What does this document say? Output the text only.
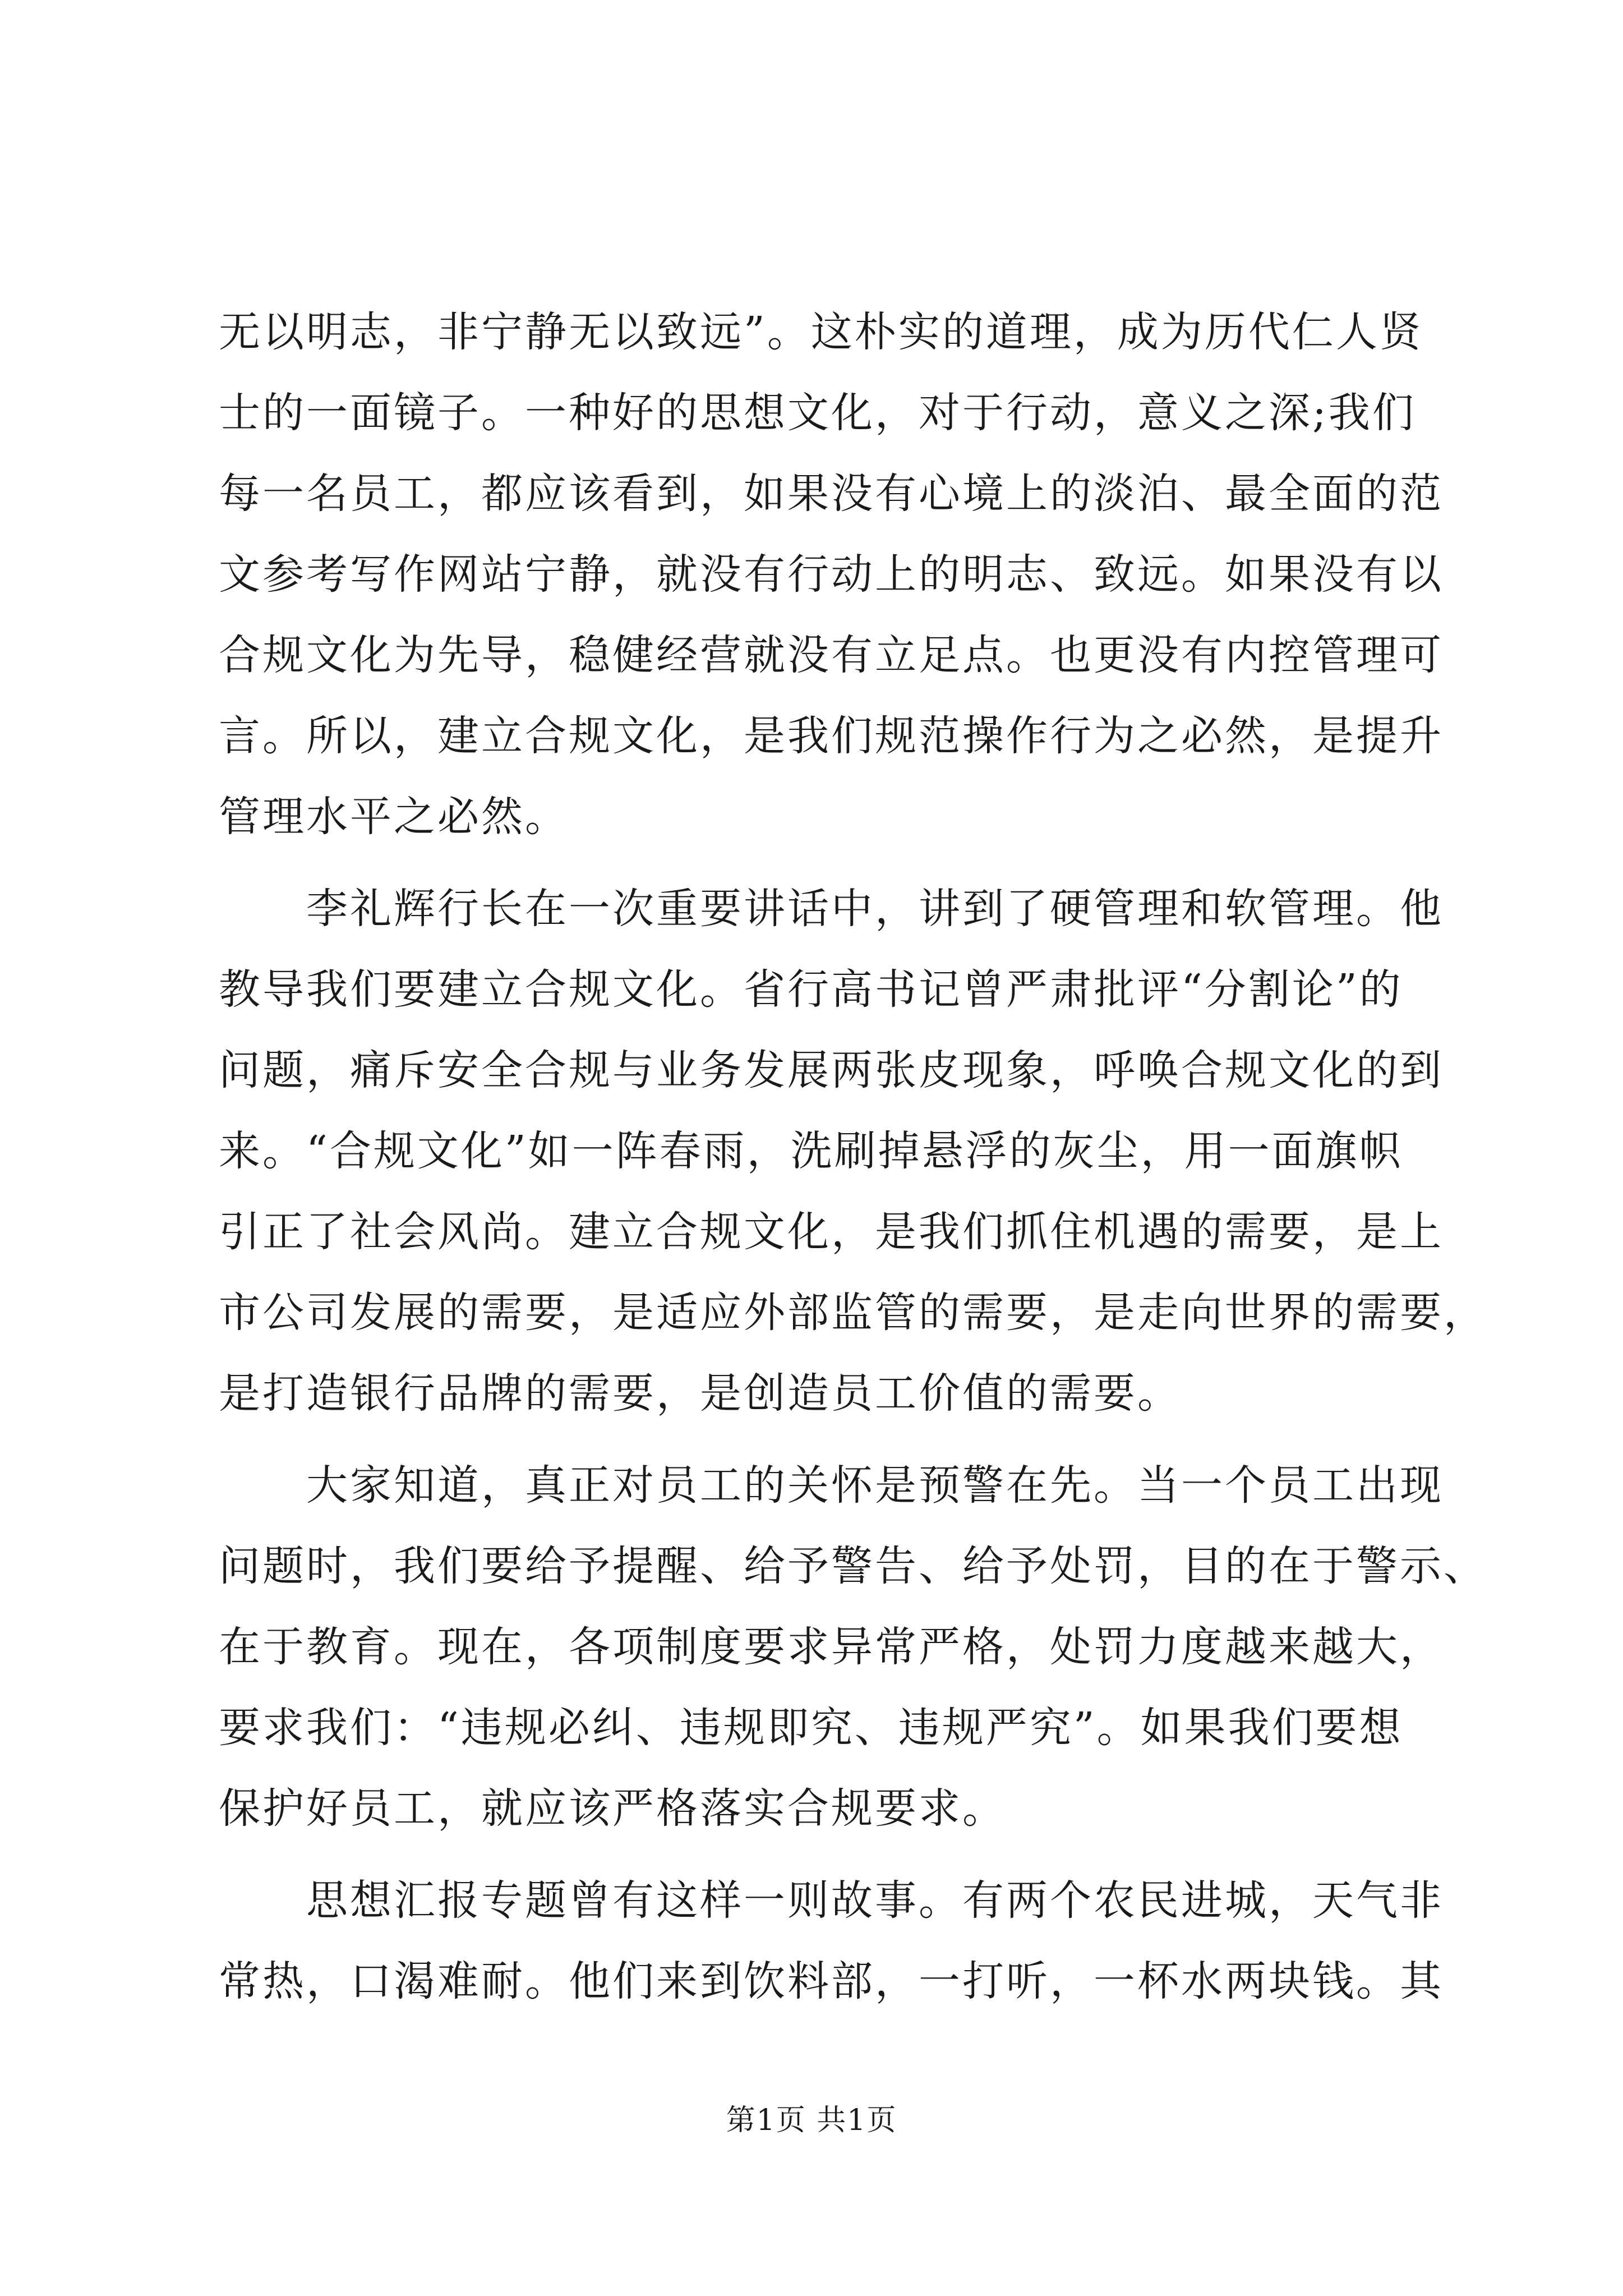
无以明志，非宁静无以致远”。这朴实的道理，成为历代仁人贤
士的一面镜子。一种好的思想文化，对于行动，意义之深;我们
每一名员工，都应该看到，如果没有心境上的淡泊、最全面的范
文参考写作网站宁静，就没有行动上的明志、致远。如果没有以
合规文化为先导，稳健经营就没有立足点。也更没有内控管理可
言。所以，建立合规文化，是我们规范操作行为之必然，是提升
管理水平之必然。
　　李礼辉行长在一次重要讲话中，讲到了硬管理和软管理。他
教导我们要建立合规文化。省行高书记曾严肃批评“分割论”的
问题，痛斥安全合规与业务发展两张皮现象，呼唤合规文化的到
来。“合规文化”如一阵春雨，洗刷掉悬浮的灰尘，用一面旗帜
引正了社会风尚。建立合规文化，是我们抓住机遇的需要，是上
市公司发展的需要，是适应外部监管的需要，是走向世界的需要，
是打造银行品牌的需要，是创造员工价值的需要。
　　大家知道，真正对员工的关怀是预警在先。当一个员工出现
问题时，我们要给予提醒、给予警告、给予处罚，目的在于警示、
在于教育。现在，各项制度要求异常严格，处罚力度越来越大，
要求我们：“违规必纠、违规即究、违规严究”。如果我们要想
保护好员工，就应该严格落实合规要求。
　　思想汇报专题曾有这样一则故事。有两个农民进城，天气非
常热，口渴难耐。他们来到饮料部，一打听，一杯水两块钱。其
第1页 共1页
